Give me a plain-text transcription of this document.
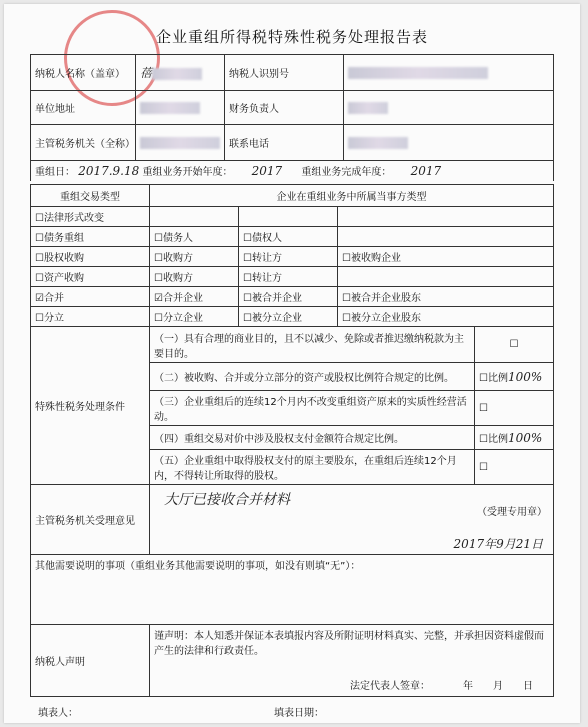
企业重组所得税特殊性税务处理报告表
纳税人名称（盖章）	蓓	纳税人识别号	
单位地址		财务负责人	
主管税务机关（全称）		联系电话	
重组日： 2017.9.18 重组业务开始年度： 2017 重组业务完成年度： 2017			
重组交易类型	企业在重组业务中所属当事方类型			
☐法律形式改变				
☐债务重组	☐债务人	☐债权人		
☐股权收购	☐收购方	☐转让方	☐被收购企业	
☐资产收购	☐收购方	☐转让方		
☑合并	☑合并企业	☐被合并企业	☐被合并企业股东	
☐分立	☐分立企业	☐被分立企业	☐被分立企业股东	
特殊性税务处理条件	（一）具有合理的商业目的，且不以减少、免除或者推迟缴纳税款为主要目的。			☐
	（二）被收购、合并或分立部分的资产或股权比例符合规定的比例。			☐比例100%
	（三）企业重组后的连续12个月内不改变重组资产原来的实质性经营活动。			☐
	（四）重组交易对价中涉及股权支付金额符合规定比例。			☐比例100%
	（五）企业重组中取得股权支付的原主要股东，在重组后连续12个月内，不得转让所取得的股权。			☐
主管税务机关受理意见	大厅已接收合并材料
（受理专用章）
2017年9月21日			

其他需要说明的事项（重组业务其他需要说明的事项，如没有则填“无”）：				
纳税人声明	谨声明：本人知悉并保证本表填报内容及所附证明材料真实、完整，并承担因资料虚假而产生的法律和行政责任。
法定代表人签章： 年　　月　　日			
填表人：	填表日期：
